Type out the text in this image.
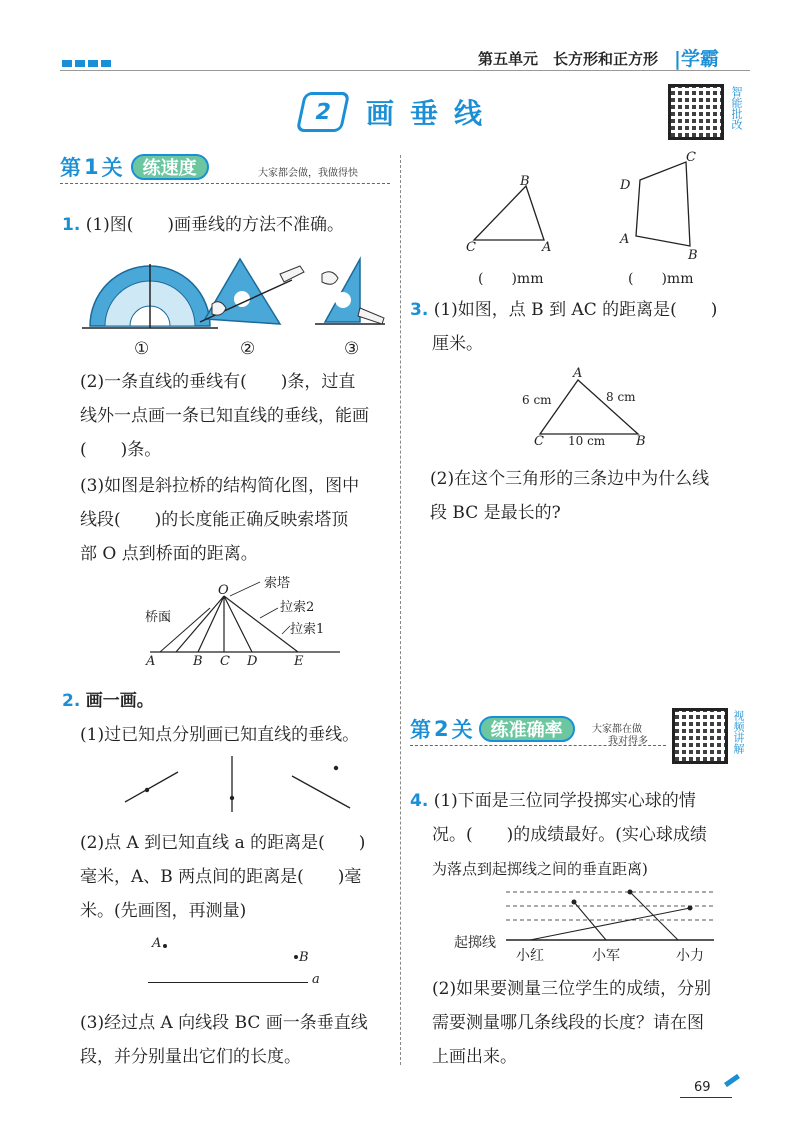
第五单元　长方形和正方形 |学霸
2	画垂线	智能批改
第 1 关	练速度	大家都会做，我做得快
1. (1)图(　　)画垂线的方法不准确。
①	②	③
(2)一条直线的垂线有(　　)条，过直
线外一点画一条已知直线的垂线，能画
(　　)条。
(3)如图是斜拉桥的结构简化图，图中
线段(　　)的长度能正确反映索塔顶
部 O 点到桥面的距离。
O	索塔
拉索2
拉索1
桥面
A	B C D	E
2. 画一画。
(1)过已知点分别画已知直线的垂线。
(2)点 A 到已知直线 a 的距离是(　　)
毫米，A、B 两点间的距离是(　　)毫
米。(先画图，再测量)
A
B
a
(3)经过点 A 向线段 BC 画一条垂直线
段，并分别量出它们的长度。
B
C	A
C
D
A
B
(　　)mm	(　　)mm
3. (1)如图，点 B 到 AC 的距离是(　　)
厘米。
A
6 cm	8 cm
C 10 cm B
(2)在这个三角形的三条边中为什么线
段 BC 是最长的?
第 2 关	练准确率	大家都在做
我对得多	视频讲解
4. (1)下面是三位同学投掷实心球的情
况。(　　)的成绩最好。(实心球成绩
为落点到起掷线之间的垂直距离)
起掷线
小红	小军	小力
(2)如果要测量三位学生的成绩，分别
需要测量哪几条线段的长度？请在图
上画出来。
69
